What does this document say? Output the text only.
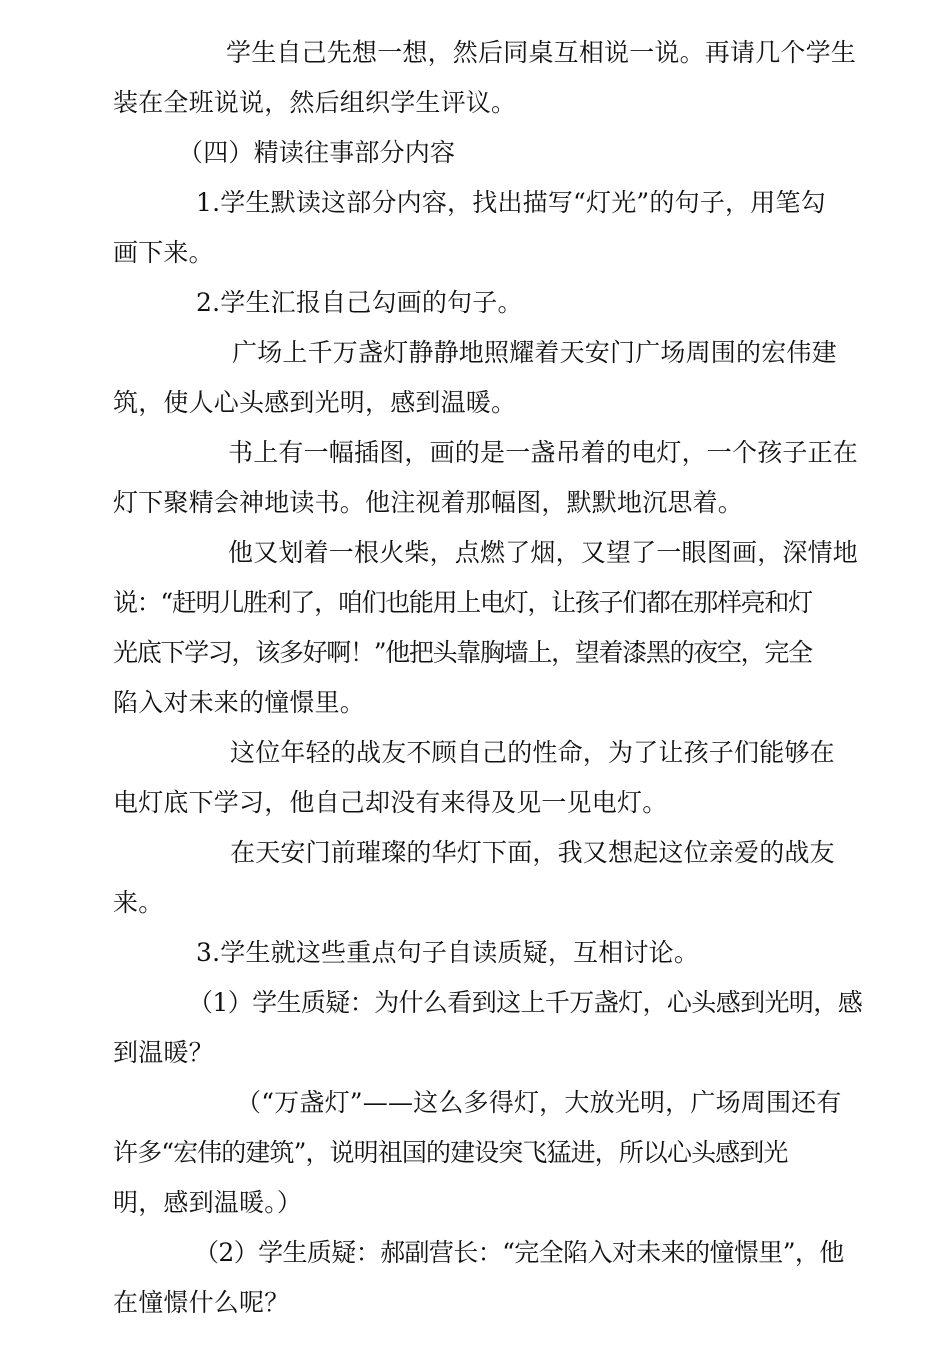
学生自己先想一想，然后同桌互相说一说。再请几个学生
装在全班说说，然后组织学生评议。
（四）精读往事部分内容
1.学生默读这部分内容，找出描写“灯光”的句子，用笔勾
画下来。
2.学生汇报自己勾画的句子。
广场上千万盏灯静静地照耀着天安门广场周围的宏伟建
筑，使人心头感到光明，感到温暖。
书上有一幅插图，画的是一盏吊着的电灯，一个孩子正在
灯下聚精会神地读书。他注视着那幅图，默默地沉思着。
他又划着一根火柴，点燃了烟，又望了一眼图画，深情地
说：“赶明儿胜利了，咱们也能用上电灯，让孩子们都在那样亮和灯
光底下学习，该多好啊！”他把头靠胸墙上，望着漆黑的夜空，完全
陷入对未来的憧憬里。
这位年轻的战友不顾自己的性命，为了让孩子们能够在
电灯底下学习，他自己却没有来得及见一见电灯。
在天安门前璀璨的华灯下面，我又想起这位亲爱的战友
来。
3.学生就这些重点句子自读质疑，互相讨论。
（1）学生质疑：为什么看到这上千万盏灯，心头感到光明，感
到温暖？
（“万盏灯”——这么多得灯，大放光明，广场周围还有
许多“宏伟的建筑”，说明祖国的建设突飞猛进，所以心头感到光
明，感到温暖。）
（2）学生质疑：郝副营长：“完全陷入对未来的憧憬里”，他
在憧憬什么呢？
